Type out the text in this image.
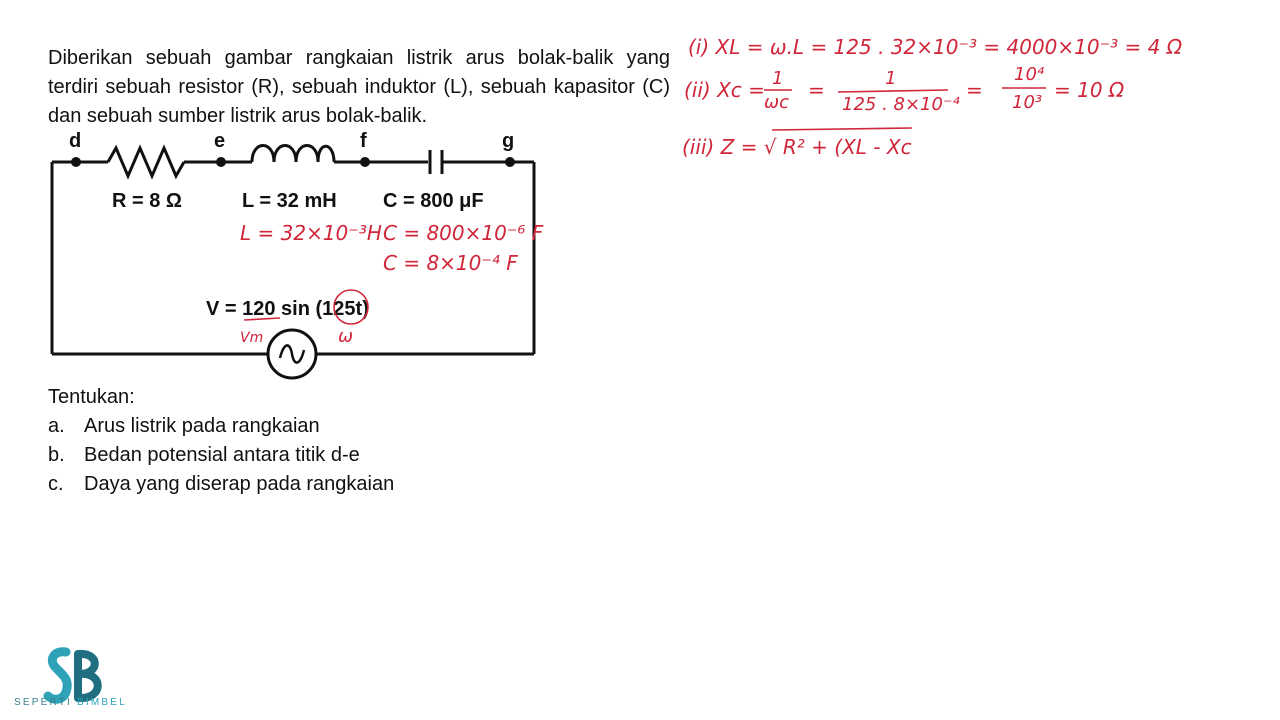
Diberikan sebuah gambar rangkaian listrik arus bolak-balik yang terdiri sebuah resistor (R), sebuah induktor (L), sebuah kapasitor (C) dan sebuah sumber listrik arus bolak-balik.
d	e	f	g
R = 8 Ω	L = 32 mH C = 800 μF
V = 120 sin (125t)
Tentukan:
a. Arus listrik pada rangkaian
b. Bedan potensial antara titik d-e
c.	Daya yang diserap pada rangkaian
L = 32×10⁻³H C = 800×10⁻⁶ F
C = 8×10⁻⁴ F
Vm	ω
(i) XL = ω.L = 125 . 32×10⁻³ = 4000×10⁻³ = 4 Ω
(ii) Xc = 1
ωc
=	1
125 . 8×10⁻⁴
=
10⁴
10³
= 10 Ω
(iii) Z = √ R² + (XL - Xc
SEPERTI BIMBEL
